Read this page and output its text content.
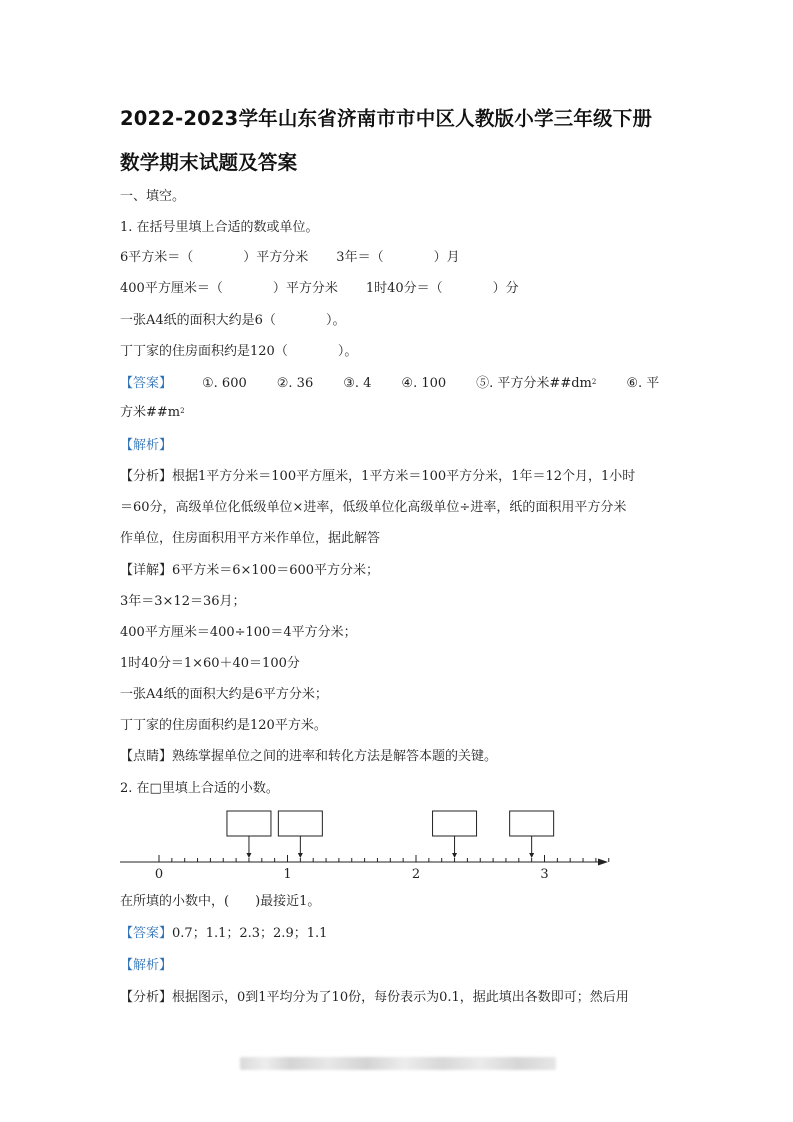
2022-2023学年山东省济南市市中区人教版小学三年级下册
数学期末试题及答案
一、填空。
1. 在括号里填上合适的数或单位。
6平方米＝（	）平方分米 3年＝（	）月
400平方厘米＝（	）平方分米 1时40分＝（	）分
一张A4纸的面积大约是6（	）。
丁丁家的住房面积约是120（	）。
【答案】 ①. 600 ②. 36 ③. 4 ④. 100 ⑤. 平方分米$\#\#dm^2$ ⑥. 平
方米$\#\#m^2$
【解析】
【分析】根据1平方分米＝100平方厘米，1平方米＝100平方分米，1年＝12个月，1小时
＝60分，高级单位化低级单位×进率，低级单位化高级单位÷进率，纸的面积用平方分米
作单位，住房面积用平方米作单位，据此解答
【详解】6平方米＝6×100＝600平方分米；
3年＝3×12＝36月；
400平方厘米＝400÷100＝4平方分米；
1时40分＝1×60＋40＝100分
一张A4纸的面积大约是6平方分米；
丁丁家的住房面积约是120平方米。
【点睛】熟练掌握单位之间的进率和转化方法是解答本题的关键。
2. 在□里填上合适的小数。
0	1	2	3
在所填的小数中，(　　)最接近1。
【答案】0.7；1.1；2.3；2.9；1.1
【解析】
【分析】根据图示，0到1平均分为了10份，每份表示为0.1，据此填出各数即可；然后用
